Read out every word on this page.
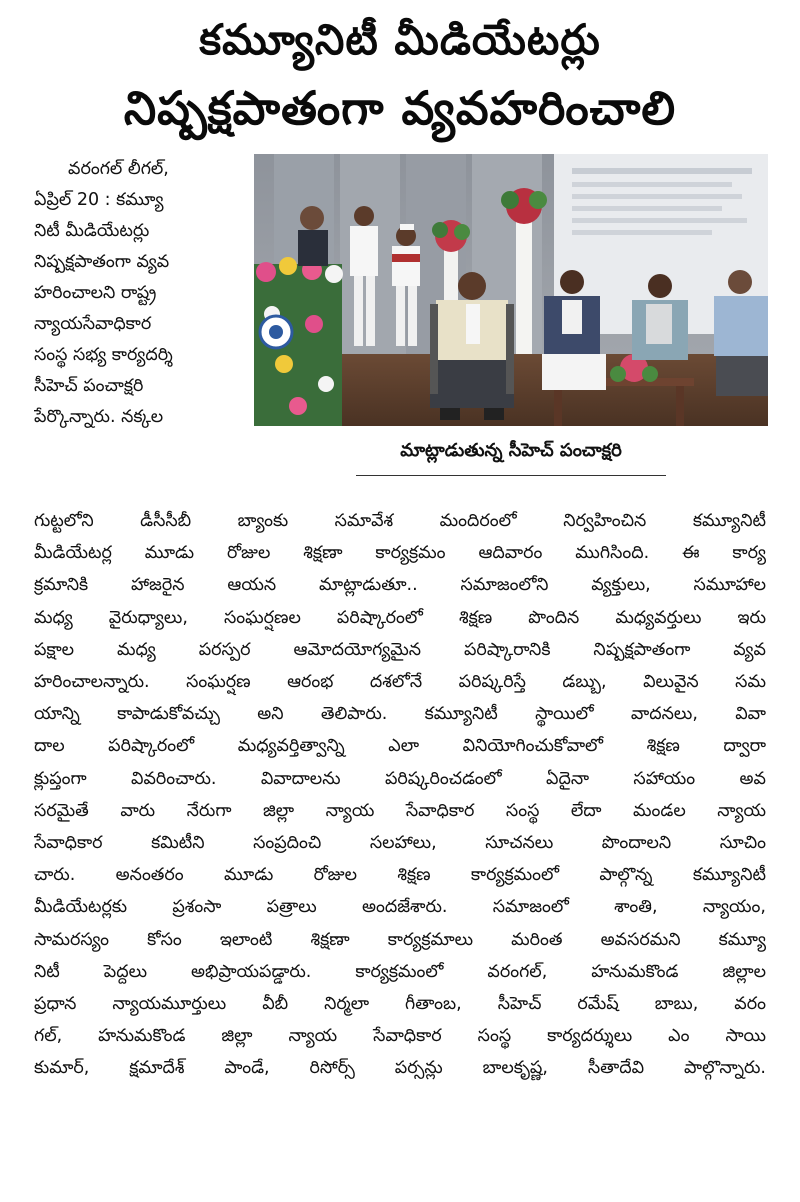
కమ్యూనిటీ మీడియేటర్లు
నిష్పక్షపాతంగా వ్యవహరించాలి
వరంగల్ లీగల్,
ఏప్రిల్ 20 : కమ్యూ
నిటీ మీడియేటర్లు
నిష్పక్షపాతంగా వ్యవ
హరించాలని రాష్ట్ర
న్యాయసేవాధికార
సంస్థ సభ్య కార్యదర్శి
సీహెచ్ పంచాక్షరి
పేర్కొన్నారు. నక్కల
మాట్లాడుతున్న సీహెచ్ పంచాక్షరి
గుట్టలోని డీసీసీబీ బ్యాంకు సమావేశ మందిరంలో నిర్వహించిన కమ్యూనిటీ
మీడియేటర్ల మూడు రోజుల శిక్షణా కార్యక్రమం ఆదివారం ముగిసింది. ఈ కార్య
క్రమానికి హాజరైన ఆయన మాట్లాడుతూ.. సమాజంలోని వ్యక్తులు, సమూహాల
మధ్య వైరుధ్యాలు, సంఘర్షణల పరిష్కారంలో శిక్షణ పొందిన మధ్యవర్తులు ఇరు
పక్షాల మధ్య పరస్పర ఆమోదయోగ్యమైన పరిష్కారానికి నిష్పక్షపాతంగా వ్యవ
హరించాలన్నారు. సంఘర్షణ ఆరంభ దశలోనే పరిష్కరిస్తే డబ్బు, విలువైన సమ
యాన్ని కాపాడుకోవచ్చు అని తెలిపారు. కమ్యూనిటీ స్థాయిలో వాదనలు, వివా
దాల పరిష్కారంలో మధ్యవర్తిత్వాన్ని ఎలా వినియోగించుకోవాలో శిక్షణ ద్వారా
క్లుప్తంగా వివరించారు. వివాదాలను పరిష్కరించడంలో ఏదైనా సహాయం అవ
సరమైతే వారు నేరుగా జిల్లా న్యాయ సేవాధికార సంస్థ లేదా మండల న్యాయ
సేవాధికార కమిటీని సంప్రదించి సలహాలు, సూచనలు పొందాలని సూచిం
చారు. అనంతరం మూడు రోజుల శిక్షణ కార్యక్రమంలో పాల్గొన్న కమ్యూనిటీ
మీడియేటర్లకు ప్రశంసా పత్రాలు అందజేశారు. సమాజంలో శాంతి, న్యాయం,
సామరస్యం కోసం ఇలాంటి శిక్షణా కార్యక్రమాలు మరింత అవసరమని కమ్యూ
నిటీ పెద్దలు అభిప్రాయపడ్డారు. కార్యక్రమంలో వరంగల్, హనుమకొండ జిల్లాల
ప్రధాన న్యాయమూర్తులు వీబీ నిర్మలా గీతాంబ, సీహెచ్ రమేష్ బాబు, వరం
గల్, హనుమకొండ జిల్లా న్యాయ సేవాధికార సంస్థ కార్యదర్శులు ఎం సాయి
కుమార్, క్షమాదేశ్ పాండే, రిసోర్స్ పర్సన్లు బాలకృష్ణ, సీతాదేవి పాల్గొన్నారు.
